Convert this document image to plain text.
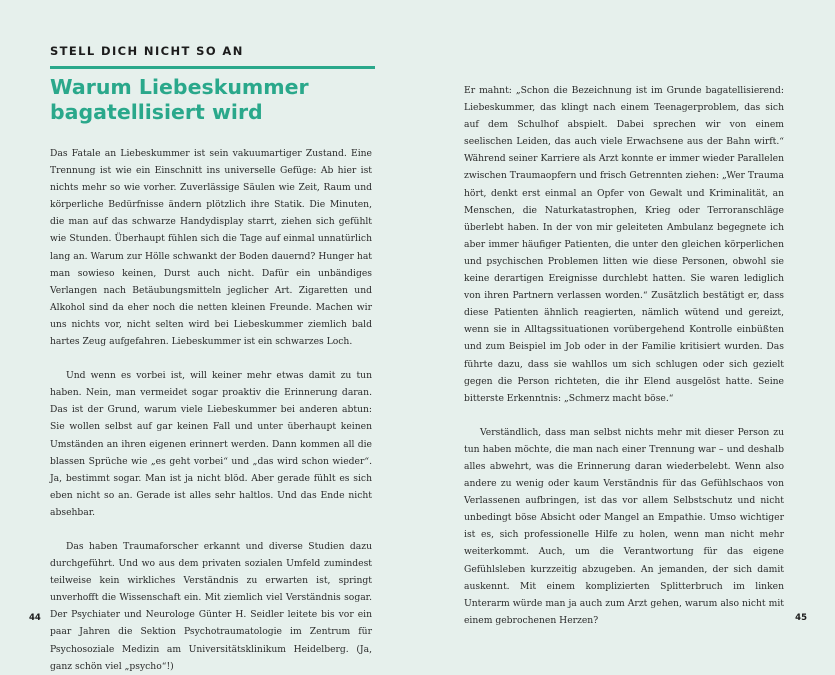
STELL DICH NICHT SO AN
Warum Liebeskummer bagatellisiert wird

Das Fatale an Liebeskummer ist sein vakuumartiger Zustand. Eine Trennung ist wie ein Einschnitt ins universelle Gefüge: Ab hier ist nichts mehr so wie vorher. Zuverlässige Säulen wie Zeit, Raum und körperliche Bedürfnisse ändern plötzlich ihre Statik. Die Minuten, die man auf das schwarze Handydisplay starrt, ziehen sich gefühlt wie Stunden. Überhaupt fühlen sich die Tage auf einmal unnatürlich lang an. Warum zur Hölle schwankt der Boden dauernd? Hunger hat man sowieso keinen, Durst auch nicht. Dafür ein unbändiges Verlangen nach Betäubungsmitteln jeglicher Art. Zigaretten und Alkohol sind da eher noch die netten kleinen Freunde. Machen wir uns nichts vor, nicht selten wird bei Liebeskummer ziemlich bald hartes Zeug aufgefahren. Liebeskummer ist ein schwarzes Loch.

Und wenn es vorbei ist, will keiner mehr etwas damit zu tun haben. Nein, man vermeidet sogar proaktiv die Erinnerung daran. Das ist der Grund, warum viele Liebeskummer bei anderen abtun: Sie wollen selbst auf gar keinen Fall und unter überhaupt keinen Umständen an ihren eigenen erinnert werden. Dann kommen all die blassen Sprüche wie „es geht vorbei“ und „das wird schon wieder“. Ja, bestimmt sogar. Man ist ja nicht blöd. Aber gerade fühlt es sich eben nicht so an. Gerade ist alles sehr haltlos. Und das Ende nicht absehbar.

Das haben Traumaforscher erkannt und diverse Studien dazu durchgeführt. Und wo aus dem privaten sozialen Umfeld zumindest teilweise kein wirkliches Verständnis zu erwarten ist, springt unverhofft die Wissenschaft ein. Mit ziemlich viel Verständnis sogar. Der Psychiater und Neurologe Günter H. Seidler leitete bis vor ein paar Jahren die Sektion Psychotraumatologie im Zentrum für Psychosoziale Medizin am Universitätsklinikum Heidelberg. (Ja, ganz schön viel „psycho“!)

44

Er mahnt: „Schon die Bezeichnung ist im Grunde bagatellisierend: Liebeskummer, das klingt nach einem Teenagerproblem, das sich auf dem Schulhof abspielt. Dabei sprechen wir von einem seelischen Leiden, das auch viele Erwachsene aus der Bahn wirft.“ Während seiner Karriere als Arzt konnte er immer wieder Parallelen zwischen Traumaopfern und frisch Getrennten ziehen: „Wer Trauma hört, denkt erst einmal an Opfer von Gewalt und Kriminalität, an Menschen, die Naturkatastrophen, Krieg oder Terroranschläge überlebt haben. In der von mir geleiteten Ambulanz begegnete ich aber immer häufiger Patienten, die unter den gleichen körperlichen und psychischen Problemen litten wie diese Personen, obwohl sie keine derartigen Ereignisse durchlebt hatten. Sie waren lediglich von ihren Partnern verlassen worden.“ Zusätzlich bestätigt er, dass diese Patienten ähnlich reagierten, nämlich wütend und gereizt, wenn sie in Alltagssituationen vorübergehend Kontrolle einbüßten und zum Beispiel im Job oder in der Familie kritisiert wurden. Das führte dazu, dass sie wahllos um sich schlugen oder sich gezielt gegen die Person richteten, die ihr Elend ausgelöst hatte. Seine bitterste Erkenntnis: „Schmerz macht böse.“

Verständlich, dass man selbst nichts mehr mit dieser Person zu tun haben möchte, die man nach einer Trennung war – und deshalb alles abwehrt, was die Erinnerung daran wiederbelebt. Wenn also andere zu wenig oder kaum Verständnis für das Gefühlschaos von Verlassenen aufbringen, ist das vor allem Selbstschutz und nicht unbedingt böse Absicht oder Mangel an Empathie. Umso wichtiger ist es, sich professionelle Hilfe zu holen, wenn man nicht mehr weiterkommt. Auch, um die Verantwortung für das eigene Gefühlsleben kurzzeitig abzugeben. An jemanden, der sich damit auskennt. Mit einem komplizierten Splitterbruch im linken Unterarm würde man ja auch zum Arzt gehen, warum also nicht mit einem gebrochenen Herzen?	45
